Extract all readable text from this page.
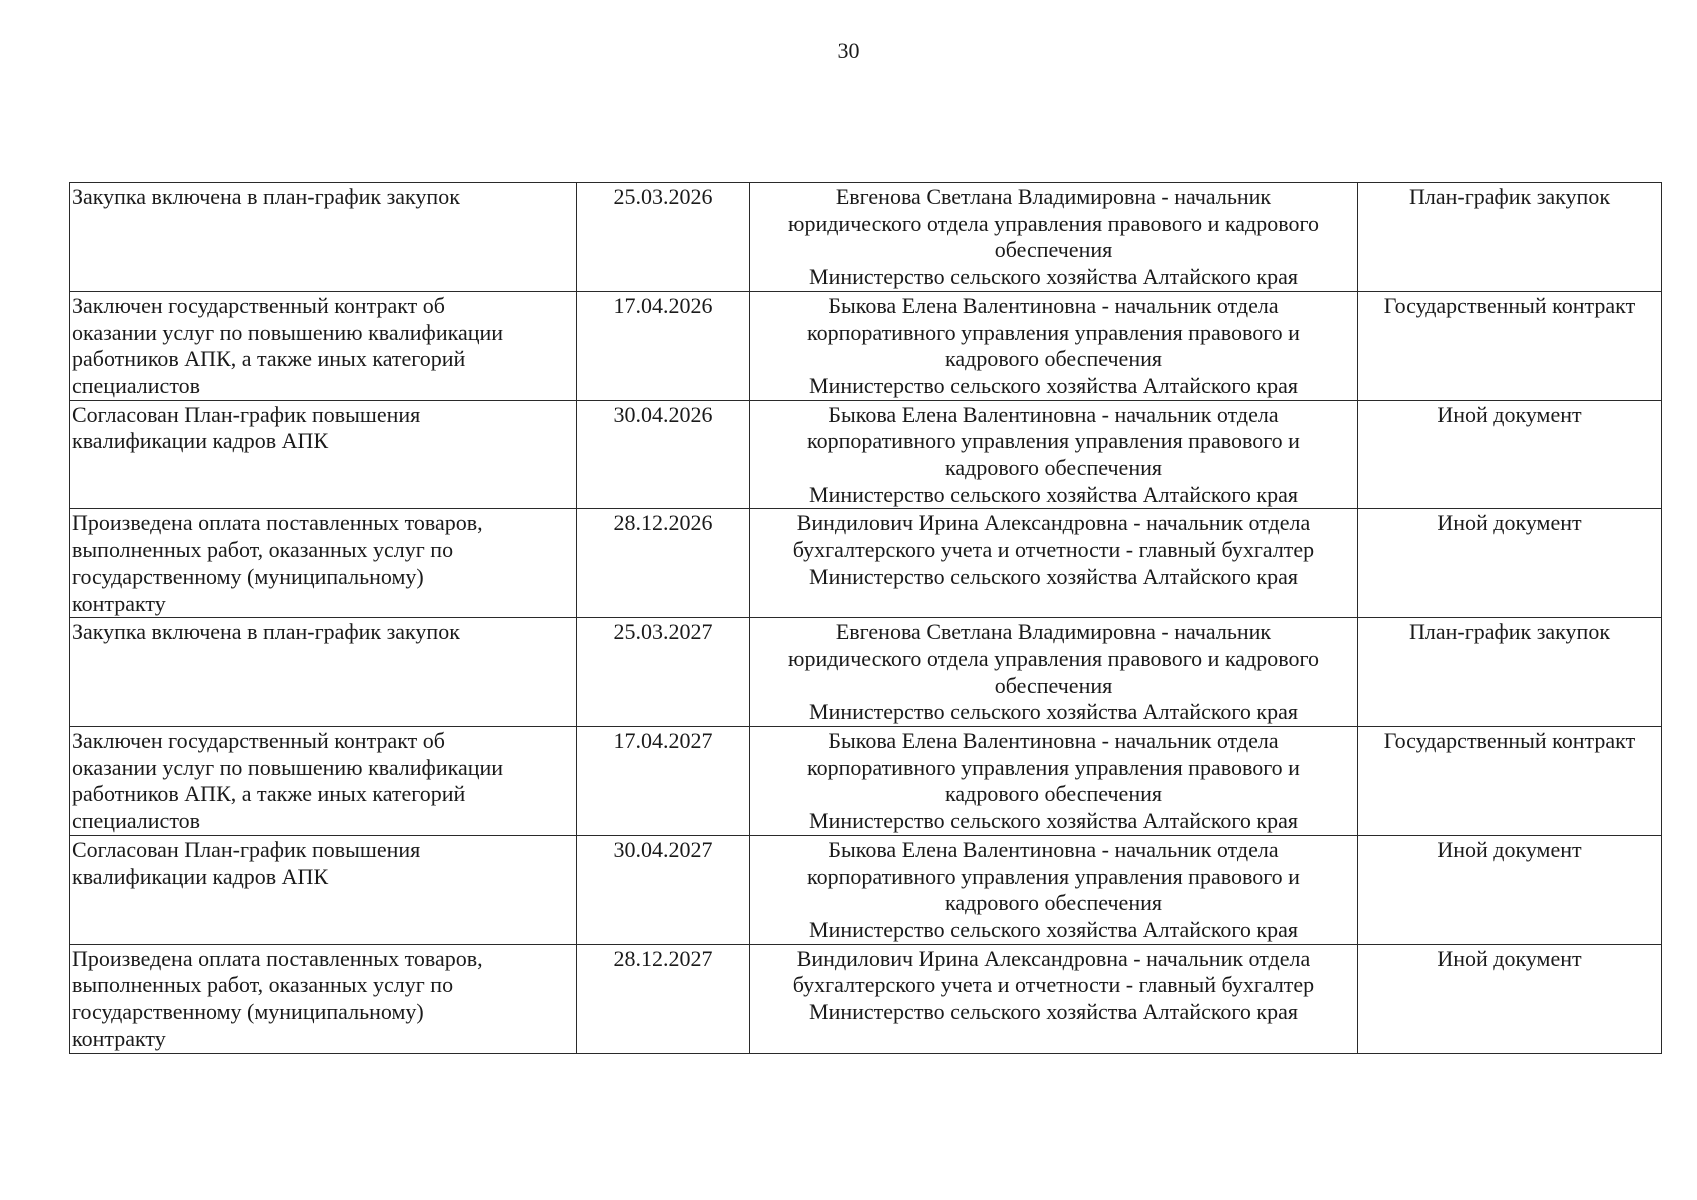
30
Закупка включена в план-график закупок	25.03.2026	Евгенова Светлана Владимировна - начальник
юридического отдела управления правового и кадрового
обеспечения
Министерство сельского хозяйства Алтайского края	План-график закупок

Заключен государственный контракт об
оказании услуг по повышению квалификации
работников АПК, а также иных категорий
специалистов	17.04.2026	Быкова Елена Валентиновна - начальник отдела
корпоративного управления управления правового и
кадрового обеспечения
Министерство сельского хозяйства Алтайского края	Государственный контракт

Согласован План-график повышения
квалификации кадров АПК	30.04.2026	Быкова Елена Валентиновна - начальник отдела
корпоративного управления управления правового и
кадрового обеспечения
Министерство сельского хозяйства Алтайского края	Иной документ

Произведена оплата поставленных товаров,
выполненных работ, оказанных услуг по
государственному (муниципальному)
контракту	28.12.2026	Виндилович Ирина Александровна - начальник отдела
бухгалтерского учета и отчетности - главный бухгалтер
Министерство сельского хозяйства Алтайского края	Иной документ

Закупка включена в план-график закупок	25.03.2027	Евгенова Светлана Владимировна - начальник
юридического отдела управления правового и кадрового
обеспечения
Министерство сельского хозяйства Алтайского края	План-график закупок

Заключен государственный контракт об
оказании услуг по повышению квалификации
работников АПК, а также иных категорий
специалистов	17.04.2027	Быкова Елена Валентиновна - начальник отдела
корпоративного управления управления правового и
кадрового обеспечения
Министерство сельского хозяйства Алтайского края	Государственный контракт

Согласован План-график повышения
квалификации кадров АПК	30.04.2027	Быкова Елена Валентиновна - начальник отдела
корпоративного управления управления правового и
кадрового обеспечения
Министерство сельского хозяйства Алтайского края	Иной документ

Произведена оплата поставленных товаров,
выполненных работ, оказанных услуг по
государственному (муниципальному)
контракту	28.12.2027	Виндилович Ирина Александровна - начальник отдела
бухгалтерского учета и отчетности - главный бухгалтер
Министерство сельского хозяйства Алтайского края	Иной документ
